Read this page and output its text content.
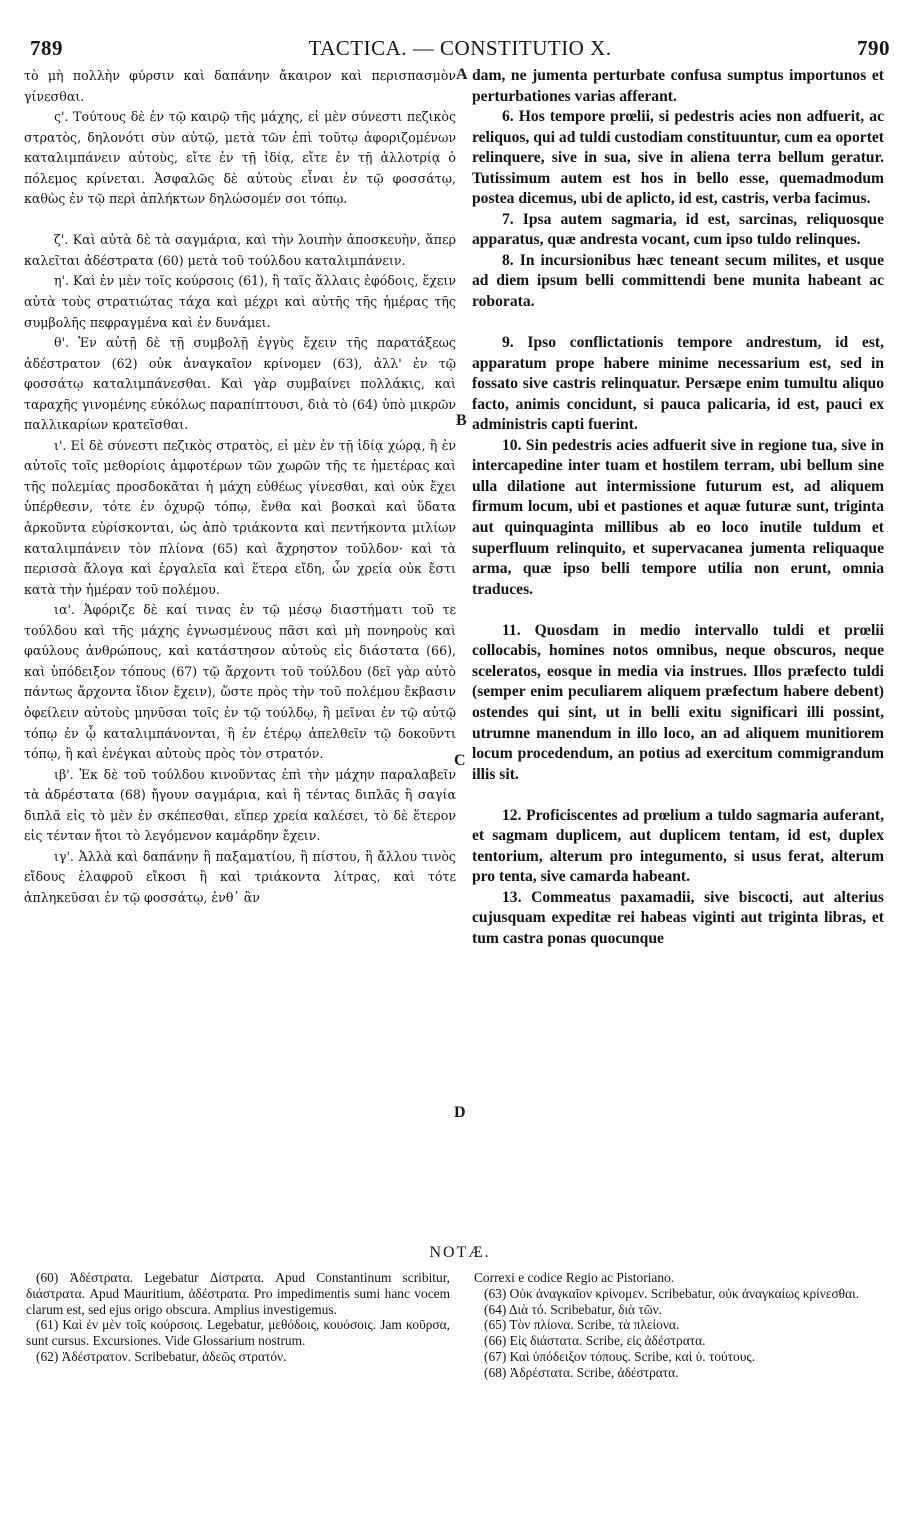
789	TACTICA. — CONSTITUTIO X.	790
A
B
C
D

τὸ μὴ πολλὴν φύρσιν καὶ δαπάνην ἄκαιρον καὶ περισπασμὸν γίνεσθαι.

ς'. Τούτους δὲ ἐν τῷ καιρῷ τῆς μάχης, εἰ μὲν σύνεστι πεζικὸς στρατὸς, δηλονότι σὺν αὐτῷ, μετὰ τῶν ἐπὶ τοῦτῳ ἀφοριζομένων καταλιμπάνειν αὐτοὺς, εἴτε ἐν τῇ ἰδίᾳ, εἴτε ἐν τῇ ἀλλοτρίᾳ ὁ πόλεμος κρίνεται. Ἀσφαλῶς δὲ αὐτοὺς εἶναι ἐν τῷ φοσσάτῳ, καθὼς ἐν τῷ περὶ ἀπλήκτων δηλώσομέν σοι τόπῳ.

ζ'. Καὶ αὐτὰ δὲ τὰ σαγμάρια, καὶ τὴν λοιπὴν ἀποσκευὴν, ἅπερ καλεῖται ἀδέστρατα (60) μετὰ τοῦ τούλδου καταλιμπάνειν.

η'. Καὶ ἐν μὲν τοῖς κούρσοις (61), ἢ ταῖς ἄλλαις ἐφόδοις, ἔχειν αὐτὰ τοὺς στρατιώτας τάχα καὶ μέχρι καὶ αὐτῆς τῆς ἡμέρας τῆς συμβολῆς πεφραγμένα καὶ ἐν δυνάμει.

θ'. Ἐν αὐτῇ δὲ τῇ συμβολῇ ἐγγὺς ἔχειν τῆς παρατάξεως ἀδέστρατον (62) οὐκ ἀναγκαῖον κρίνομεν (63), ἀλλ' ἐν τῷ φοσσάτῳ καταλιμπάνεσθαι. Καὶ γὰρ συμβαίνει πολλάκις, καὶ ταραχῆς γινομένης εὐκόλως παραπίπτουσι, διὰ τὸ (64) ὑπὸ μικρῶν παλλικαρίων κρατεῖσθαι.

ι'. Εἰ δὲ σύνεστι πεζικὸς στρατὸς, εἰ μὲν ἐν τῇ ἰδίᾳ χώρᾳ, ἢ ἐν αὐτοῖς τοῖς μεθορίοις ἀμφοτέρων τῶν χωρῶν τῆς τε ἡμετέρας καὶ τῆς πολεμίας προσδοκᾶται ἡ μάχη εὐθέως γίνεσθαι, καὶ οὐκ ἔχει ὑπέρθεσιν, τότε ἐν ὀχυρῷ τόπῳ, ἔνθα καὶ βοσκαὶ καὶ ὕδατα ἀρκοῦντα εὑρίσκονται, ὡς ἀπὸ τριάκοντα καὶ πεντήκοντα μιλίων καταλιμπάνειν τὸν πλίονα (65) καὶ ἄχρηστον τοῦλδον· καὶ τὰ περισσὰ ἄλογα καὶ ἐργαλεῖα καὶ ἕτερα εἴδη, ὧν χρεία οὐκ ἔστι κατὰ τὴν ἡμέραν τοῦ πολέμου.

ια'. Ἀφόριζε δὲ καί τινας ἐν τῷ μέσῳ διαστήματι τοῦ τε τούλδου καὶ τῆς μάχης ἐγνωσμένους πᾶσι καὶ μὴ πονηροὺς καὶ φαύλους ἀνθρώπους, καὶ κατάστησον αὐτοὺς εἰς διάστατα (66), καὶ ὑπόδειξον τόπους (67) τῷ ἄρχοντι τοῦ τούλδου (δεῖ γὰρ αὐτὸ πάντως ἄρχοντα ἴδιον ἔχειν), ὥστε πρὸς τὴν τοῦ πολέμου ἔκβασιν ὀφείλειν αὐτοὺς μηνῦσαι τοῖς ἐν τῷ τούλδῳ, ἢ μεῖναι ἐν τῷ αὐτῷ τόπῳ ἐν ᾧ καταλιμπάνονται, ἢ ἐν ἑτέρῳ ἀπελθεῖν τῷ δοκοῦντι τόπῳ, ἢ καὶ ἐνέγκαι αὐτοὺς πρὸς τὸν στρατόν.

ιβ'. Ἐκ δὲ τοῦ τούλδου κινοῦντας ἐπὶ τὴν μάχην παραλαβεῖν τὰ ἀδρέστατα (68) ἤγουν σαγμάρια, καὶ ἢ τέντας διπλᾶς ἢ σαγία διπλᾶ εἰς τὸ μὲν ἐν σκέπεσθαι, εἴπερ χρεία καλέσει, τὸ δὲ ἕτερον εἰς τένταν ἤτοι τὸ λεγόμενον καμάρδην ἔχειν.

ιγ'. Ἀλλὰ καὶ δαπάνην ἢ παξαματίου, ἢ πίστου, ἢ ἄλλου τινὸς εἴδους ἐλαφροῦ εἴκοσι ἢ καὶ τριάκοντα λίτρας, καὶ τότε ἀπληκεῦσαι ἐν τῷ φοσσάτῳ, ἐνθ᾽ ἂν

dam, ne jumenta perturbate confusa sumptus importunos et perturbationes varias afferant.

6. Hos tempore prœlii, si pedestris acies non adfuerit, ac reliquos, qui ad tuldi custodiam constituuntur, cum ea oportet relinquere, sive in sua, sive in aliena terra bellum geratur. Tutissimum autem est hos in bello esse, quemadmodum postea dicemus, ubi de aplicto, id est, castris, verba facimus.

7. Ipsa autem sagmaria, id est, sarcinas, reliquosque apparatus, quæ andresta vocant, cum ipso tuldo relinques.

8. In incursionibus hæc teneant secum milites, et usque ad diem ipsum belli committendi bene munita habeant ac roborata.

9. Ipso conflictationis tempore andrestum, id est, apparatum prope habere minime necessarium est, sed in fossato sive castris relinquatur. Persæpe enim tumultu aliquo facto, animis concidunt, si pauca palicaria, id est, pauci ex administris capti fuerint.

10. Sin pedestris acies adfuerit sive in regione tua, sive in intercapedine inter tuam et hostilem terram, ubi bellum sine ulla dilatione aut intermissione futurum est, ad aliquem firmum locum, ubi et pastiones et aquæ futuræ sunt, triginta aut quinquaginta millibus ab eo loco inutile tuldum et superfluum relinquito, et supervacanea jumenta reliquaque arma, quæ ipso belli tempore utilia non erunt, omnia traduces.

11. Quosdam in medio intervallo tuldi et prœlii collocabis, homines notos omnibus, neque obscuros, neque sceleratos, eosque in media via instrues. Illos præfecto tuldi (semper enim peculiarem aliquem præfectum habere debent) ostendes qui sint, ut in belli exitu significari illi possint, utrumne manendum in illo loco, an ad aliquem munitiorem locum procedendum, an potius ad exercitum commigrandum illis sit.

12. Proficiscentes ad prœlium a tuldo sagmaria auferant, et sagmam duplicem, aut duplicem tentam, id est, duplex tentorium, alterum pro integumento, si usus ferat, alterum pro tenta, sive camarda habeant.

13. Commeatus paxamadii, sive biscocti, aut alterius cujusquam expeditæ rei habeas viginti aut triginta libras, et tum castra ponas quocunque

NOTÆ.

(60) Ἀδέστρατα. Legebatur Δίστρατα. Apud Constantinum scribitur, διάστρατα. Apud Mauritium, ἀδέστρατα. Pro impedimentis sumi hanc vocem clarum est, sed ejus origo obscura. Amplius investigemus.

(61) Καὶ ἐν μὲν τοῖς κούρσοις. Legebatur, μεθόδοις, κουόσοις. Jam κοῦρσα, sunt cursus. Excursiones. Vide Glossarium nostrum.

(62) Ἀδέστρατον. Scribebatur, ἀδεῶς στρατόν.

Correxi e codice Regio ac Pistoriano.

(63) Οὐκ ἀναγκαῖον κρίνομεν. Scribebatur, οὐκ ἀναγκαίως κρίνεσθαι.

(64) Διὰ τό. Scribebatur, διὰ τῶν.

(65) Τὸν πλίονα. Scribe, τὰ πλείονα.

(66) Εἰς διάστατα. Scribe, εἰς ἀδέστρατα.

(67) Καὶ ὑπόδειξον τόπους. Scribe, καὶ ὑ. τούτους.

(68) Ἀδρέστατα. Scribe, ἀδέστρατα.
